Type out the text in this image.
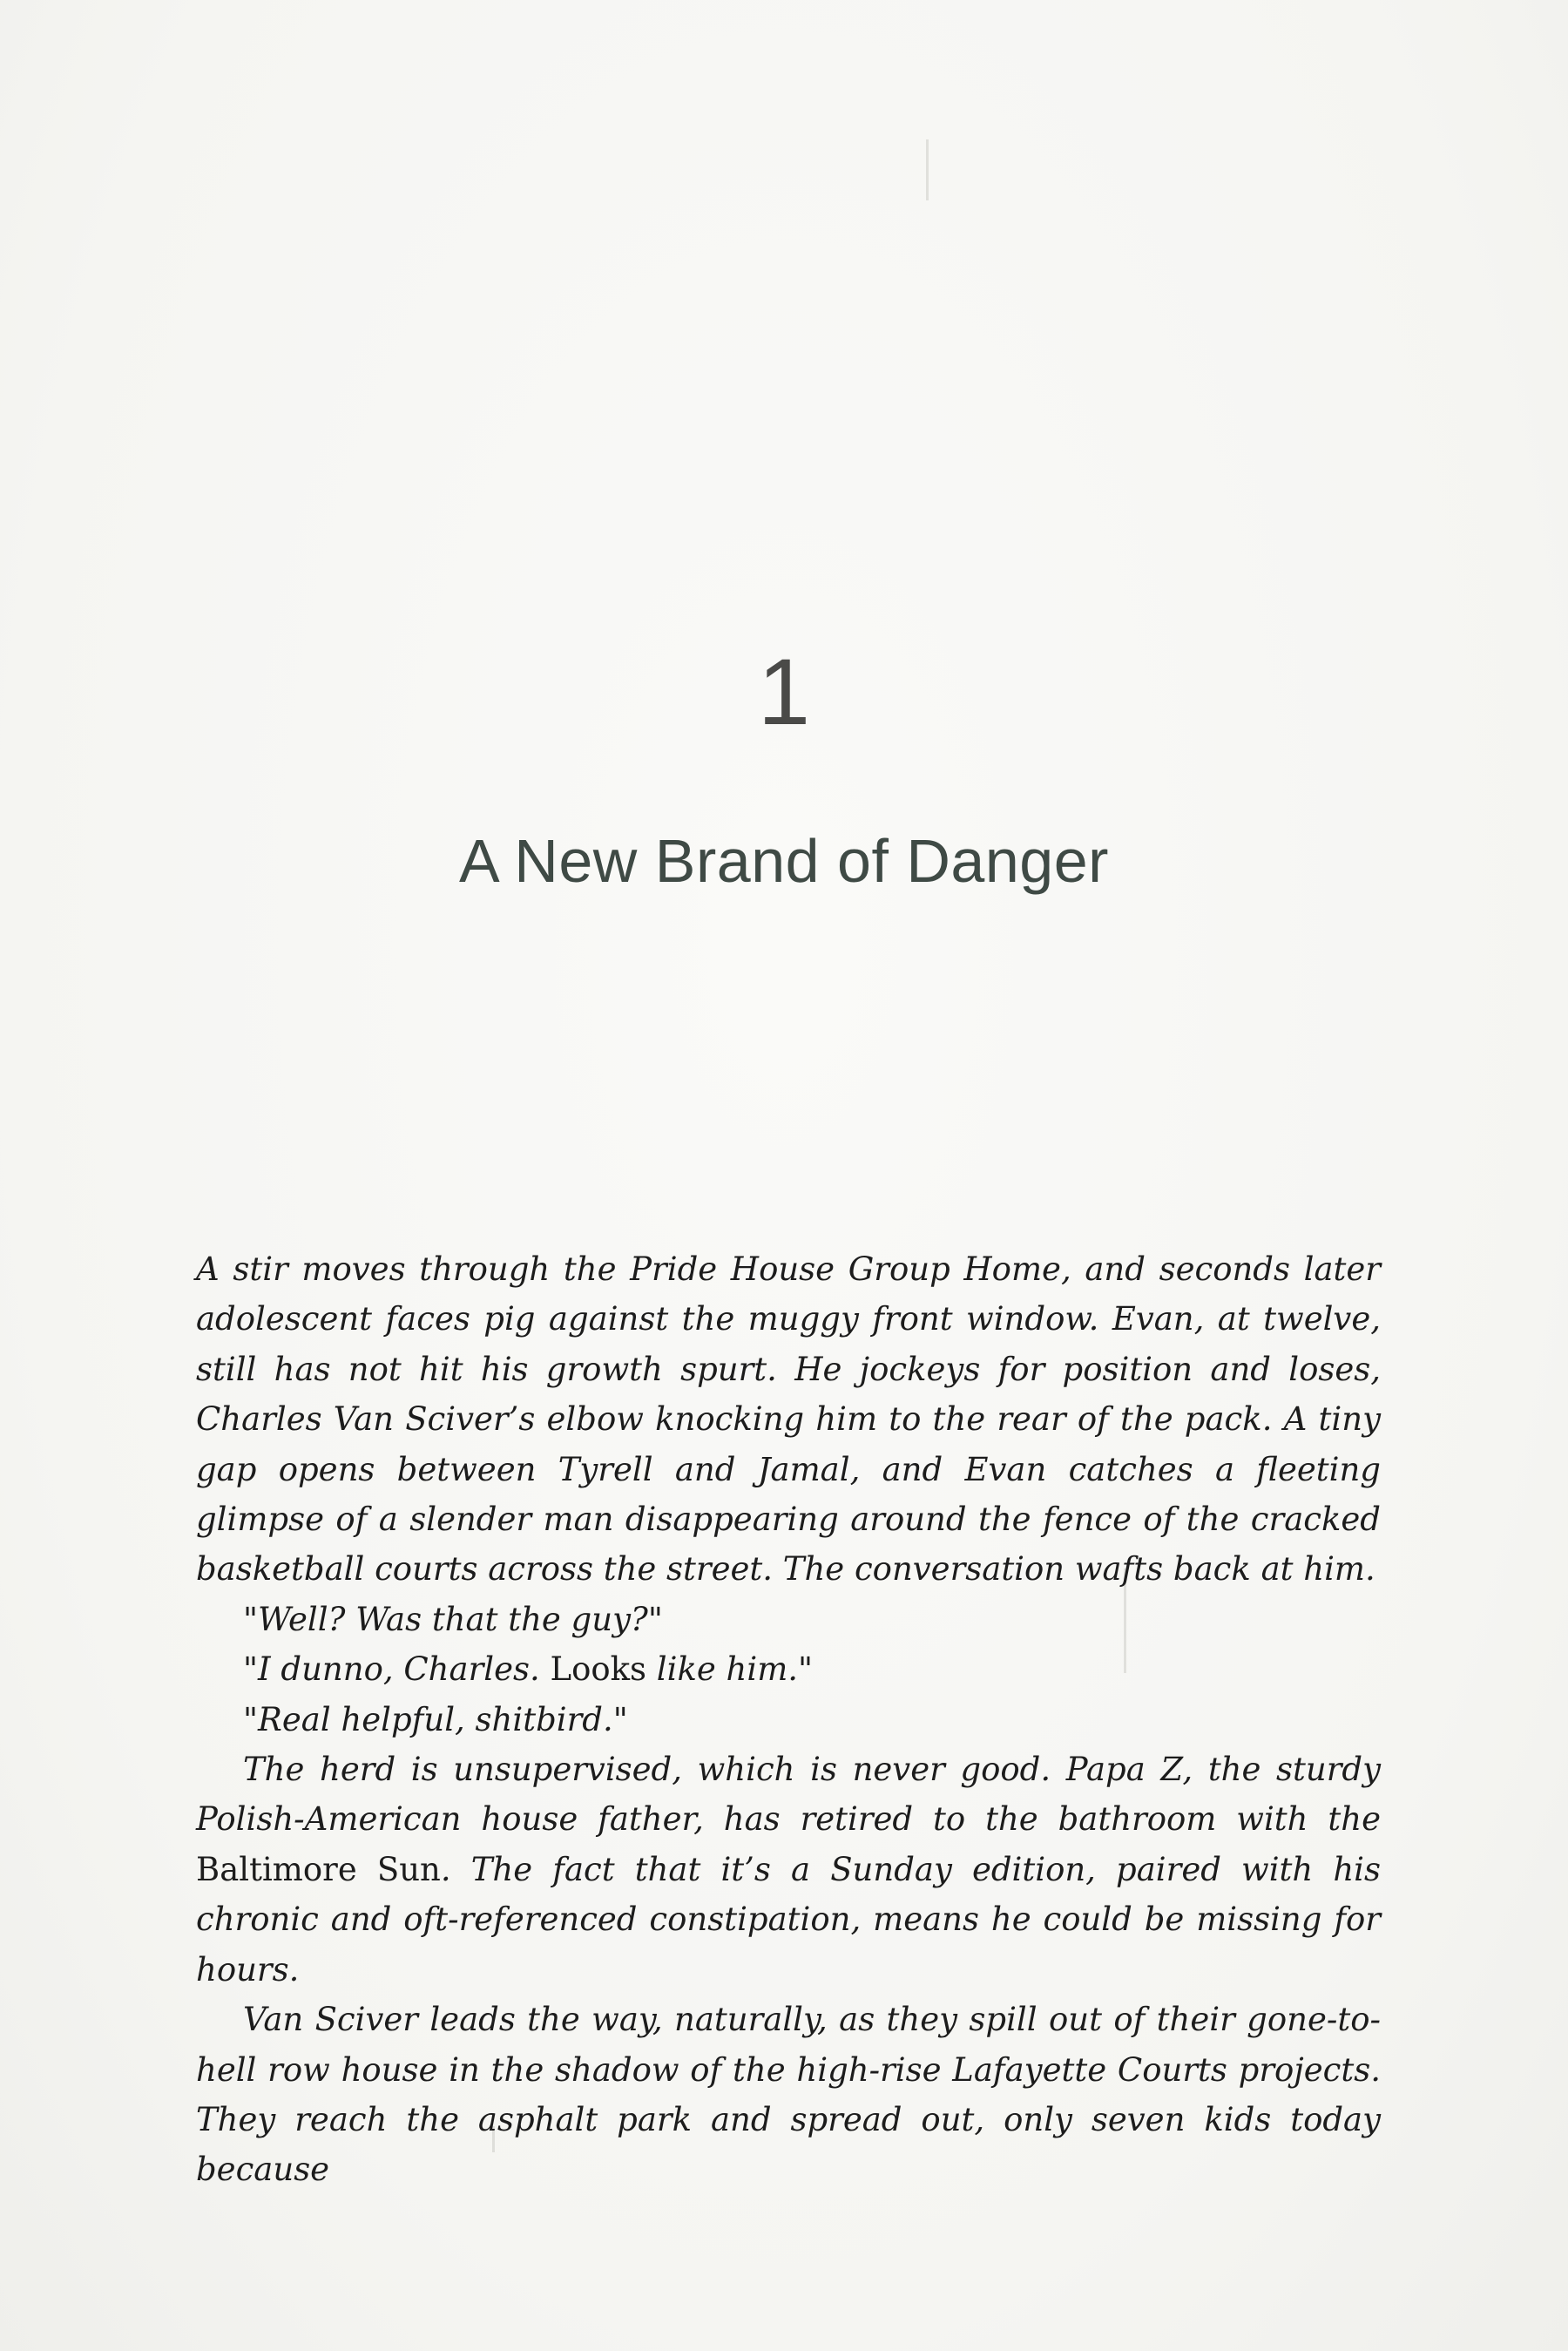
1
A New Brand of Danger

A stir moves through the Pride House Group Home, and seconds later adolescent faces pig against the muggy front window. Evan, at twelve, still has not hit his growth spurt. He jockeys for position and loses, Charles Van Sciver’s elbow knocking him to the rear of the pack. A tiny gap opens between Tyrell and Jamal, and Evan catches a fleeting glimpse of a slender man disappearing around the fence of the cracked basketball courts across the street. The conversation wafts back at him.

"Well? Was that the guy?"

"I dunno, Charles. Looks like him."

"Real helpful, shitbird."

The herd is unsupervised, which is never good. Papa Z, the sturdy Polish-American house father, has retired to the bathroom with the Baltimore Sun. The fact that it’s a Sunday edition, paired with his chronic and oft-referenced constipation, means he could be missing for hours.

Van Sciver leads the way, naturally, as they spill out of their gone-to-hell row house in the shadow of the high-rise Lafayette Courts projects. They reach the asphalt park and spread out, only seven kids today because
